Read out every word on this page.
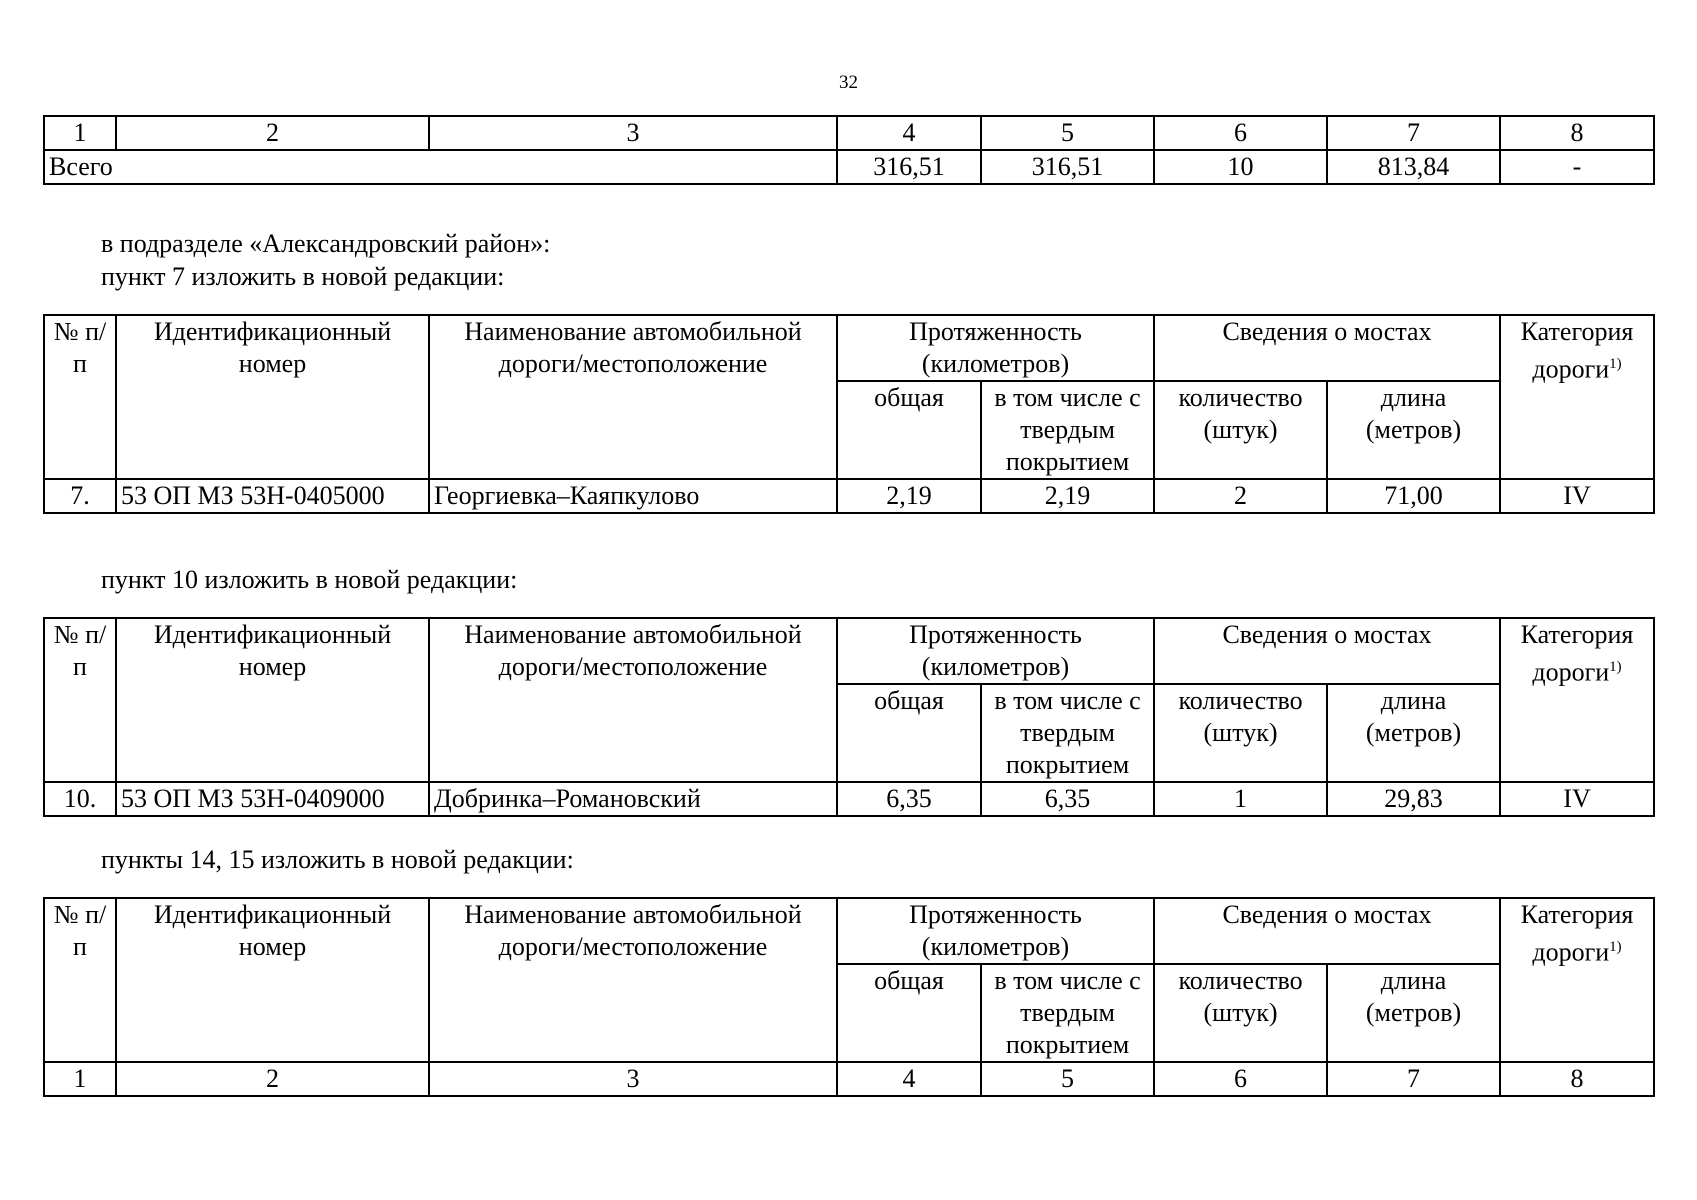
32
1	2	3	4	5	6	7	8
Всего			316,51	316,51	10	813,84	-
в подразделе «Александровский район»:
пункт 7 изложить в новой редакции:
№ п/п	Идентификационный номер	Наименование автомобильной дороги/местоположение	Протяженность (километров)		Сведения о мостах		Категория дороги$^{1)}$
			общая	в том числе с твердым покрытием	количество (штук)	длина (метров)	
7.	53 ОП МЗ 53Н-0405000	Георгиевка–Каяпкулово	2,19	2,19	2	71,00	IV
пункт 10 изложить в новой редакции:
№ п/п	Идентификационный номер	Наименование автомобильной дороги/местоположение	Протяженность (километров)		Сведения о мостах		Категория дороги$^{1)}$
			общая	в том числе с твердым покрытием	количество (штук)	длина (метров)	
10.	53 ОП МЗ 53Н-0409000	Добринка–Романовский	6,35	6,35	1	29,83	IV
пункты 14, 15 изложить в новой редакции:
№ п/п	Идентификационный номер	Наименование автомобильной дороги/местоположение	Протяженность (километров)		Сведения о мостах		Категория дороги$^{1)}$
			общая	в том числе с твердым покрытием	количество (штук)	длина (метров)	
1	2	3	4	5	6	7	8
